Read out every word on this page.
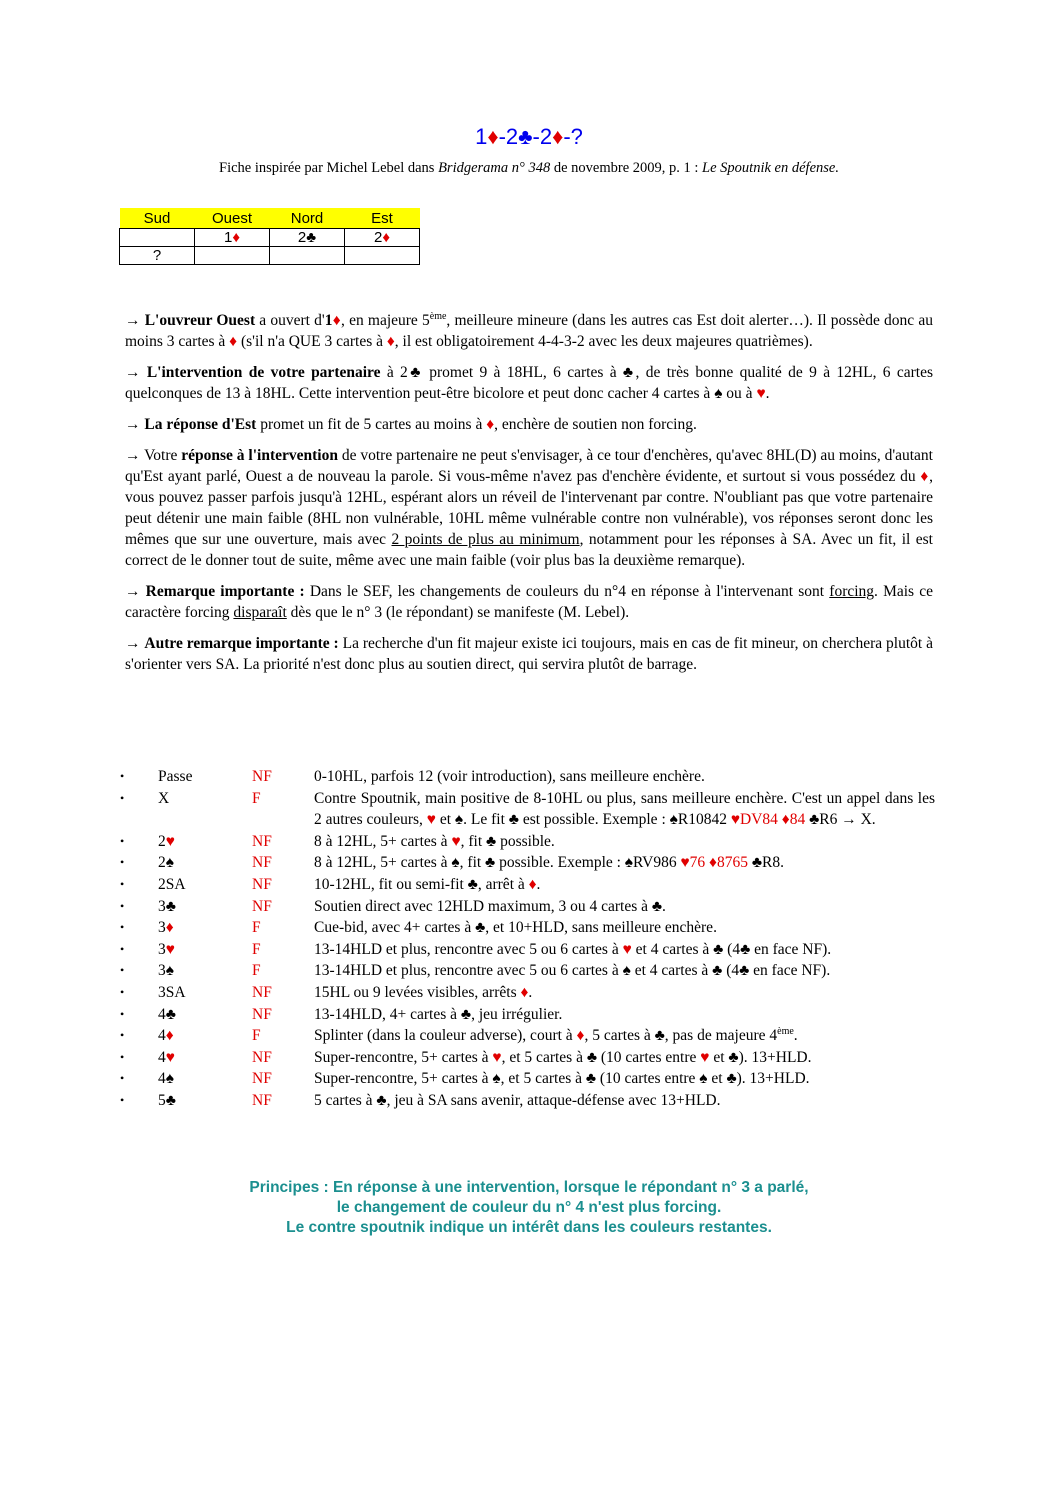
1♦-2♣-2♦-?
Fiche inspirée par Michel Lebel dans Bridgerama n° 348 de novembre 2009, p. 1 : Le Spoutnik en défense.
Sud	Ouest	Nord	Est
	1♦	2♣	2♦
?			

→ L'ouvreur Ouest a ouvert d'1♦, en majeure 5ème, meilleure mineure (dans les autres cas Est doit alerter…). Il possède donc au moins 3 cartes à ♦ (s'il n'a QUE 3 cartes à ♦, il est obligatoirement 4-4-3-2 avec les deux majeures quatrièmes).

→ L'intervention de votre partenaire à 2♣ promet 9 à 18HL, 6 cartes à ♣, de très bonne qualité de 9 à 12HL, 6 cartes quelconques de 13 à 18HL. Cette intervention peut-être bicolore et peut donc cacher 4 cartes à ♠ ou à ♥.

→ La réponse d'Est promet un fit de 5 cartes au moins à ♦, enchère de soutien non forcing.

→ Votre réponse à l'intervention de votre partenaire ne peut s'envisager, à ce tour d'enchères, qu'avec 8HL(D) au moins, d'autant qu'Est ayant parlé, Ouest a de nouveau la parole. Si vous-même n'avez pas d'enchère évidente, et surtout si vous possédez du ♦, vous pouvez passer parfois jusqu'à 12HL, espérant alors un réveil de l'intervenant par contre. N'oubliant pas que votre partenaire peut détenir une main faible (8HL non vulnérable, 10HL même vulnérable contre non vulnérable), vos réponses seront donc les mêmes que sur une ouverture, mais avec 2 points de plus au minimum, notamment pour les réponses à SA. Avec un fit, il est correct de le donner tout de suite, même avec une main faible (voir plus bas la deuxième remarque).

→ Remarque importante : Dans le SEF, les changements de couleurs du n°4 en réponse à l'intervenant sont forcing. Mais ce caractère forcing disparaît dès que le n° 3 (le répondant) se manifeste (M. Lebel).

→ Autre remarque importante : La recherche d'un fit majeur existe ici toujours, mais en cas de fit mineur, on cherchera plutôt à s'orienter vers SA. La priorité n'est donc plus au soutien direct, qui servira plutôt de barrage.

•	Passe	NF	0-10HL, parfois 12 (voir introduction), sans meilleure enchère.
•	X	F	Contre Spoutnik, main positive de 8-10HL ou plus, sans meilleure enchère. C'est un appel dans les 2 autres couleurs, ♥ et ♠. Le fit ♣ est possible. Exemple : ♠R10842 ♥DV84 ♦84 ♣R6 → X.
•	2♥	NF	8 à 12HL, 5+ cartes à ♥, fit ♣ possible.
•	2♠	NF	8 à 12HL, 5+ cartes à ♠, fit ♣ possible. Exemple : ♠RV986 ♥76 ♦8765 ♣R8.
•	2SA	NF	10-12HL, fit ou semi-fit ♣, arrêt à ♦.
•	3♣	NF	Soutien direct avec 12HLD maximum, 3 ou 4 cartes à ♣.
•	3♦	F	Cue-bid, avec 4+ cartes à ♣, et 10+HLD, sans meilleure enchère.
•	3♥	F	13-14HLD et plus, rencontre avec 5 ou 6 cartes à ♥ et 4 cartes à ♣ (4♣ en face NF).
•	3♠	F	13-14HLD et plus, rencontre avec 5 ou 6 cartes à ♠ et 4 cartes à ♣ (4♣ en face NF).
•	3SA	NF	15HL ou 9 levées visibles, arrêts ♦.
•	4♣	NF	13-14HLD, 4+ cartes à ♣, jeu irrégulier.
•	4♦	F	Splinter (dans la couleur adverse), court à ♦, 5 cartes à ♣, pas de majeure 4ème.
•	4♥	NF	Super-rencontre, 5+ cartes à ♥, et 5 cartes à ♣ (10 cartes entre ♥ et ♣). 13+HLD.
•	4♠	NF	Super-rencontre, 5+ cartes à ♠, et 5 cartes à ♣ (10 cartes entre ♠ et ♣). 13+HLD.
•	5♣	NF	5 cartes à ♣, jeu à SA sans avenir, attaque-défense avec 13+HLD.
Principes : En réponse à une intervention, lorsque le répondant n° 3 a parlé,
le changement de couleur du n° 4 n'est plus forcing.
Le contre spoutnik indique un intérêt dans les couleurs restantes.
